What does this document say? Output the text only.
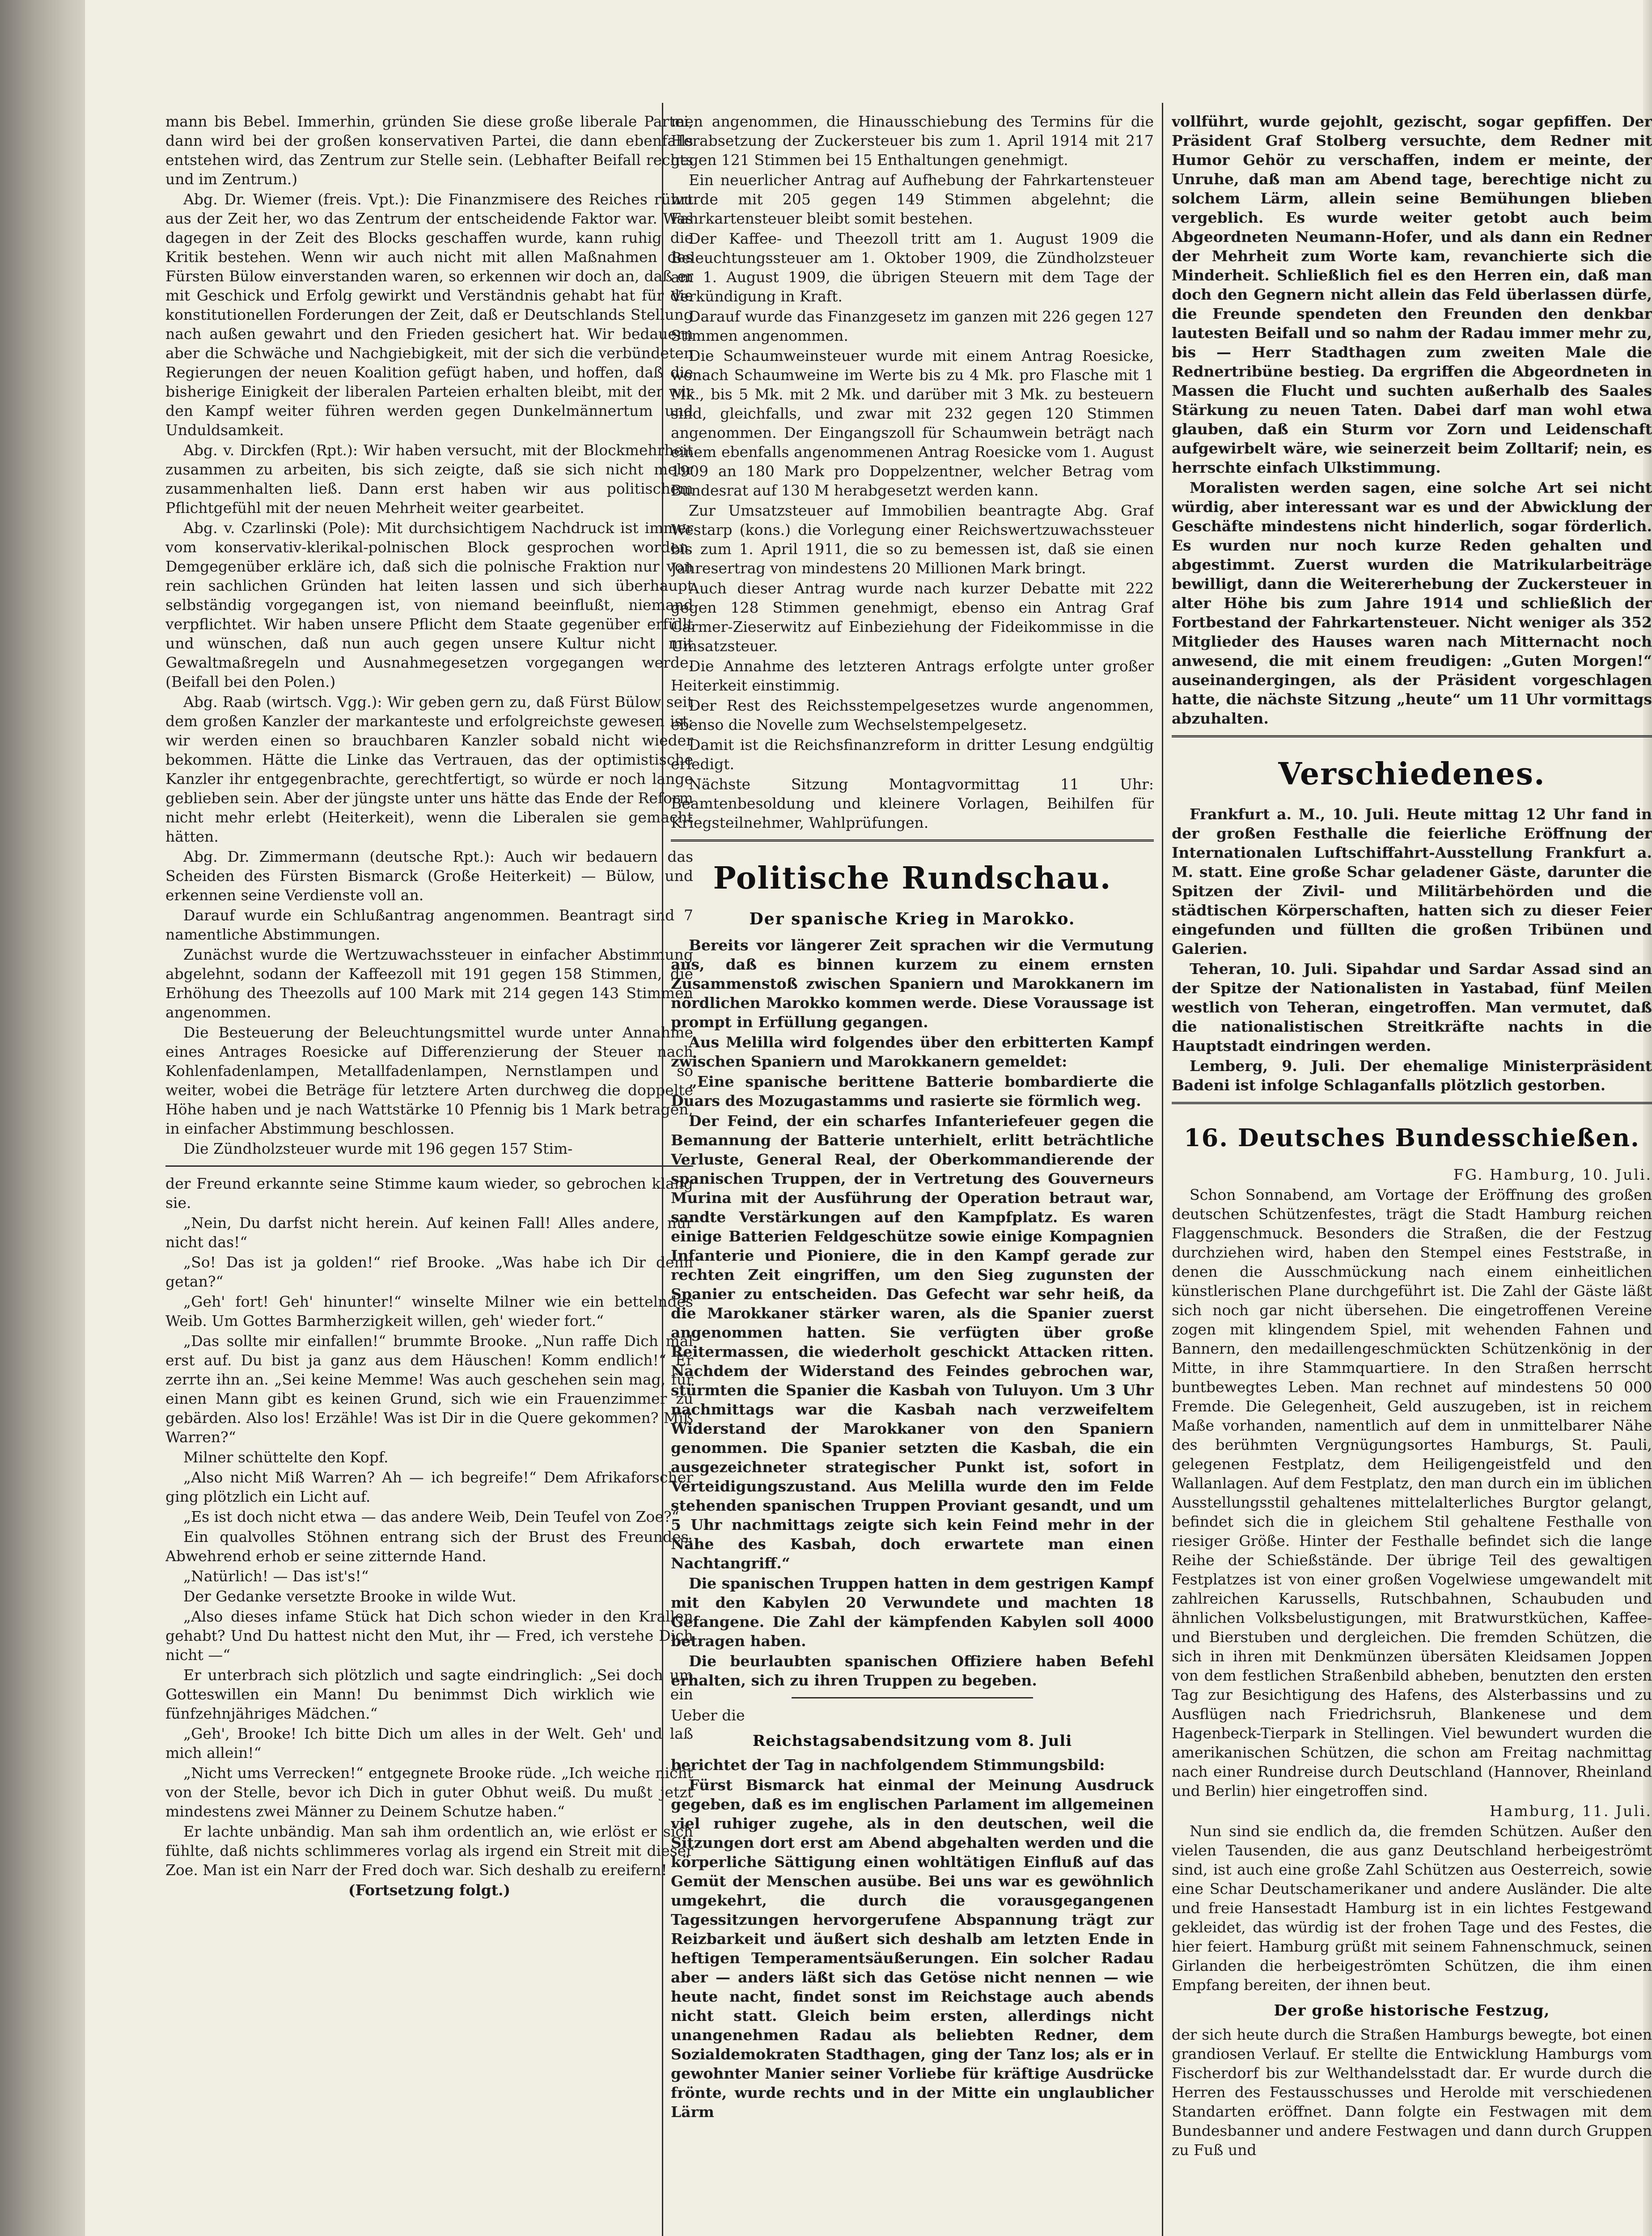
mann bis Bebel. Immerhin, gründen Sie diese große liberale Partei, dann wird bei der großen konservativen Partei, die dann ebenfalls entstehen wird, das Zentrum zur Stelle sein. (Lebhafter Beifall rechts und im Zentrum.)

Abg. Dr. Wiemer (freis. Vpt.): Die Finanzmisere des Reiches rührt aus der Zeit her, wo das Zentrum der entscheidende Faktor war. Was dagegen in der Zeit des Blocks geschaffen wurde, kann ruhig die Kritik bestehen. Wenn wir auch nicht mit allen Maßnahmen des Fürsten Bülow einverstanden waren, so erkennen wir doch an, daß er mit Geschick und Erfolg gewirkt und Verständnis gehabt hat für die konstitutionellen Forderungen der Zeit, daß er Deutschlands Stellung nach außen gewahrt und den Frieden gesichert hat. Wir bedauern aber die Schwäche und Nachgiebigkeit, mit der sich die verbündeten Regierungen der neuen Koalition gefügt haben, und hoffen, daß die bisherige Einigkeit der liberalen Parteien erhalten bleibt, mit der wir den Kampf weiter führen werden gegen Dunkelmännertum und Unduldsamkeit.

Abg. v. Dirckfen (Rpt.): Wir haben versucht, mit der Blockmehrheit zusammen zu arbeiten, bis sich zeigte, daß sie sich nicht mehr zusammenhalten ließ. Dann erst haben wir aus politischem Pflichtgefühl mit der neuen Mehrheit weiter gearbeitet.

Abg. v. Czarlinski (Pole): Mit durchsichtigem Nachdruck ist immer vom konservativ-klerikal-polnischen Block gesprochen worden. Demgegenüber erkläre ich, daß sich die polnische Fraktion nur von rein sachlichen Gründen hat leiten lassen und sich überhaupt selbständig vorgegangen ist, von niemand beeinflußt, niemand verpflichtet. Wir haben unsere Pflicht dem Staate gegenüber erfüllt und wünschen, daß nun auch gegen unsere Kultur nicht mit Gewaltmaßregeln und Ausnahmegesetzen vorgegangen werde. (Beifall bei den Polen.)

Abg. Raab (wirtsch. Vgg.): Wir geben gern zu, daß Fürst Bülow seit dem großen Kanzler der markanteste und erfolgreichste gewesen ist; wir werden einen so brauchbaren Kanzler sobald nicht wieder bekommen. Hätte die Linke das Vertrauen, das der optimistische Kanzler ihr entgegenbrachte, gerechtfertigt, so würde er noch lange geblieben sein. Aber der jüngste unter uns hätte das Ende der Reform nicht mehr erlebt (Heiterkeit), wenn die Liberalen sie gemacht hätten.

Abg. Dr. Zimmermann (deutsche Rpt.): Auch wir bedauern das Scheiden des Fürsten Bismarck (Große Heiterkeit) — Bülow, und erkennen seine Verdienste voll an.

Darauf wurde ein Schlußantrag angenommen. Beantragt sind 7 namentliche Abstimmungen.

Zunächst wurde die Wertzuwachssteuer in einfacher Abstimmung abgelehnt, sodann der Kaffeezoll mit 191 gegen 158 Stimmen, die Erhöhung des Theezolls auf 100 Mark mit 214 gegen 143 Stimmen angenommen.

Die Besteuerung der Beleuchtungsmittel wurde unter Annahme eines Antrages Roesicke auf Differenzierung der Steuer nach Kohlenfadenlampen, Metallfadenlampen, Nernstlampen und so weiter, wobei die Beträge für letztere Arten durchweg die doppelte Höhe haben und je nach Wattstärke 10 Pfennig bis 1 Mark betragen, in einfacher Abstimmung beschlossen.

Die Zündholzsteuer wurde mit 196 gegen 157 Stim-

der Freund erkannte seine Stimme kaum wieder, so gebrochen klang sie.

„Nein, Du darfst nicht herein. Auf keinen Fall! Alles andere, nur nicht das!“

„So! Das ist ja golden!“ rief Brooke. „Was habe ich Dir denn getan?“

„Geh' fort! Geh' hinunter!“ winselte Milner wie ein bettelndes Weib. Um Gottes Barmherzigkeit willen, geh' wieder fort.“

„Das sollte mir einfallen!“ brummte Brooke. „Nun raffe Dich mal erst auf. Du bist ja ganz aus dem Häuschen! Komm endlich!“ Er zerrte ihn an. „Sei keine Memme! Was auch geschehen sein mag, für einen Mann gibt es keinen Grund, sich wie ein Frauenzimmer zu gebärden. Also los! Erzähle! Was ist Dir in die Quere gekommen? Miß Warren?“

Milner schüttelte den Kopf.

„Also nicht Miß Warren? Ah — ich begreife!“ Dem Afrikaforscher ging plötzlich ein Licht auf.

„Es ist doch nicht etwa — das andere Weib, Dein Teufel von Zoe?“

Ein qualvolles Stöhnen entrang sich der Brust des Freundes. Abwehrend erhob er seine zitternde Hand.

„Natürlich! — Das ist's!“

Der Gedanke versetzte Brooke in wilde Wut.

„Also dieses infame Stück hat Dich schon wieder in den Krallen gehabt? Und Du hattest nicht den Mut, ihr — Fred, ich verstehe Dich nicht —“

Er unterbrach sich plötzlich und sagte eindringlich: „Sei doch um Gotteswillen ein Mann! Du benimmst Dich wirklich wie ein fünfzehnjähriges Mädchen.“

„Geh', Brooke! Ich bitte Dich um alles in der Welt. Geh' und laß mich allein!“

„Nicht ums Verrecken!“ entgegnete Brooke rüde. „Ich weiche nicht von der Stelle, bevor ich Dich in guter Obhut weiß. Du mußt jetzt mindestens zwei Männer zu Deinem Schutze haben.“

Er lachte unbändig. Man sah ihm ordentlich an, wie erlöst er sich fühlte, daß nichts schlimmeres vorlag als irgend ein Streit mit dieser Zoe. Man ist ein Narr der Fred doch war. Sich deshalb zu ereifern!

(Fortsetzung folgt.)

men angenommen, die Hinausschiebung des Termins für die Herabsetzung der Zuckersteuer bis zum 1. April 1914 mit 217 gegen 121 Stimmen bei 15 Enthaltungen genehmigt.

Ein neuerlicher Antrag auf Aufhebung der Fahrkartensteuer wurde mit 205 gegen 149 Stimmen abgelehnt; die Fahrkartensteuer bleibt somit bestehen.

Der Kaffee- und Theezoll tritt am 1. August 1909 die Beleuchtungssteuer am 1. Oktober 1909, die Zündholzsteuer am 1. August 1909, die übrigen Steuern mit dem Tage der Verkündigung in Kraft.

Darauf wurde das Finanzgesetz im ganzen mit 226 gegen 127 Stimmen angenommen.

Die Schaumweinsteuer wurde mit einem Antrag Roesicke, wonach Schaumweine im Werte bis zu 4 Mk. pro Flasche mit 1 Mk., bis 5 Mk. mit 2 Mk. und darüber mit 3 Mk. zu besteuern sind, gleichfalls, und zwar mit 232 gegen 120 Stimmen angenommen. Der Eingangszoll für Schaumwein beträgt nach einem ebenfalls angenommenen Antrag Roesicke vom 1. August 1909 an 180 Mark pro Doppelzentner, welcher Betrag vom Bundesrat auf 130 M herabgesetzt werden kann.

Zur Umsatzsteuer auf Immobilien beantragte Abg. Graf Westarp (kons.) die Vorlegung einer Reichswertzuwachssteuer bis zum 1. April 1911, die so zu bemessen ist, daß sie einen Jahresertrag von mindestens 20 Millionen Mark bringt.

Auch dieser Antrag wurde nach kurzer Debatte mit 222 gegen 128 Stimmen genehmigt, ebenso ein Antrag Graf Carmer-Zieserwitz auf Einbeziehung der Fideikommisse in die Umsatzsteuer.

Die Annahme des letzteren Antrags erfolgte unter großer Heiterkeit einstimmig.

Der Rest des Reichsstempelgesetzes wurde angenommen, ebenso die Novelle zum Wechselstempelgesetz.

Damit ist die Reichsfinanzreform in dritter Lesung endgültig erledigt.

Nächste Sitzung Montagvormittag 11 Uhr: Beamtenbesoldung und kleinere Vorlagen, Beihilfen für Kriegsteilnehmer, Wahlprüfungen.

Politische Rundschau.
Der spanische Krieg in Marokko.

Bereits vor längerer Zeit sprachen wir die Vermutung aus, daß es binnen kurzem zu einem ernsten Zusammenstoß zwischen Spaniern und Marokkanern im nördlichen Marokko kommen werde. Diese Voraussage ist prompt in Erfüllung gegangen.

Aus Melilla wird folgendes über den erbitterten Kampf zwischen Spaniern und Marokkanern gemeldet:

„Eine spanische berittene Batterie bombardierte die Duars des Mozugastamms und rasierte sie förmlich weg.

Der Feind, der ein scharfes Infanteriefeuer gegen die Bemannung der Batterie unterhielt, erlitt beträchtliche Verluste, General Real, der Oberkommandierende der spanischen Truppen, der in Vertretung des Gouverneurs Murina mit der Ausführung der Operation betraut war, sandte Verstärkungen auf den Kampfplatz. Es waren einige Batterien Feldgeschütze sowie einige Kompagnien Infanterie und Pioniere, die in den Kampf gerade zur rechten Zeit eingriffen, um den Sieg zugunsten der Spanier zu entscheiden. Das Gefecht war sehr heiß, da die Marokkaner stärker waren, als die Spanier zuerst angenommen hatten. Sie verfügten über große Reitermassen, die wiederholt geschickt Attacken ritten. Nachdem der Widerstand des Feindes gebrochen war, stürmten die Spanier die Kasbah von Tuluyon. Um 3 Uhr nachmittags war die Kasbah nach verzweifeltem Widerstand der Marokkaner von den Spaniern genommen. Die Spanier setzten die Kasbah, die ein ausgezeichneter strategischer Punkt ist, sofort in Verteidigungszustand. Aus Melilla wurde den im Felde stehenden spanischen Truppen Proviant gesandt, und um 5 Uhr nachmittags zeigte sich kein Feind mehr in der Nähe des Kasbah, doch erwartete man einen Nachtangriff.“

Die spanischen Truppen hatten in dem gestrigen Kampf mit den Kabylen 20 Verwundete und machten 18 Gefangene. Die Zahl der kämpfenden Kabylen soll 4000 betragen haben.

Die beurlaubten spanischen Offiziere haben Befehl erhalten, sich zu ihren Truppen zu begeben.

Ueber die

Reichstagsabendsitzung vom 8. Juli

berichtet der Tag in nachfolgendem Stimmungsbild:

Fürst Bismarck hat einmal der Meinung Ausdruck gegeben, daß es im englischen Parlament im allgemeinen viel ruhiger zugehe, als in den deutschen, weil die Sitzungen dort erst am Abend abgehalten werden und die körperliche Sättigung einen wohltätigen Einfluß auf das Gemüt der Menschen ausübe. Bei uns war es gewöhnlich umgekehrt, die durch die vorausgegangenen Tagessitzungen hervorgerufene Abspannung trägt zur Reizbarkeit und äußert sich deshalb am letzten Ende in heftigen Temperamentsäußerungen. Ein solcher Radau aber — anders läßt sich das Getöse nicht nennen — wie heute nacht, findet sonst im Reichstage auch abends nicht statt. Gleich beim ersten, allerdings nicht unangenehmen Radau als beliebten Redner, dem Sozialdemokraten Stadthagen, ging der Tanz los; als er in gewohnter Manier seiner Vorliebe für kräftige Ausdrücke frönte, wurde rechts und in der Mitte ein unglaublicher Lärm

vollführt, wurde gejohlt, gezischt, sogar gepfiffen. Der Präsident Graf Stolberg versuchte, dem Redner mit Humor Gehör zu verschaffen, indem er meinte, der Unruhe, daß man am Abend tage, berechtige nicht zu solchem Lärm, allein seine Bemühungen blieben vergeblich. Es wurde weiter getobt auch beim Abgeordneten Neumann-Hofer, und als dann ein Redner der Mehrheit zum Worte kam, revanchierte sich die Minderheit. Schließlich fiel es den Herren ein, daß man doch den Gegnern nicht allein das Feld überlassen dürfe, die Freunde spendeten den Freunden den denkbar lautesten Beifall und so nahm der Radau immer mehr zu, bis — Herr Stadthagen zum zweiten Male die Rednertribüne bestieg. Da ergriffen die Abgeordneten in Massen die Flucht und suchten außerhalb des Saales Stärkung zu neuen Taten. Dabei darf man wohl etwa glauben, daß ein Sturm vor Zorn und Leidenschaft aufgewirbelt wäre, wie seinerzeit beim Zolltarif; nein, es herrschte einfach Ulkstimmung.

Moralisten werden sagen, eine solche Art sei nicht würdig, aber interessant war es und der Abwicklung der Geschäfte mindestens nicht hinderlich, sogar förderlich. Es wurden nur noch kurze Reden gehalten und abgestimmt. Zuerst wurden die Matrikularbeiträge bewilligt, dann die Weitererhebung der Zuckersteuer in alter Höhe bis zum Jahre 1914 und schließlich der Fortbestand der Fahrkartensteuer. Nicht weniger als 352 Mitglieder des Hauses waren nach Mitternacht noch anwesend, die mit einem freudigen: „Guten Morgen!“ auseinandergingen, als der Präsident vorgeschlagen hatte, die nächste Sitzung „heute“ um 11 Uhr vormittags abzuhalten.

Verschiedenes.

Frankfurt a. M., 10. Juli. Heute mittag 12 Uhr fand in der großen Festhalle die feierliche Eröffnung der Internationalen Luftschiffahrt-Ausstellung Frankfurt a. M. statt. Eine große Schar geladener Gäste, darunter die Spitzen der Zivil- und Militärbehörden und die städtischen Körperschaften, hatten sich zu dieser Feier eingefunden und füllten die großen Tribünen und Galerien.

Teheran, 10. Juli. Sipahdar und Sardar Assad sind an der Spitze der Nationalisten in Yastabad, fünf Meilen westlich von Teheran, eingetroffen. Man vermutet, daß die nationalistischen Streitkräfte nachts in die Hauptstadt eindringen werden.

Lemberg, 9. Juli. Der ehemalige Ministerpräsident Badeni ist infolge Schlaganfalls plötzlich gestorben.

16. Deutsches Bundesschießen.

FG. Hamburg, 10. Juli.

Schon Sonnabend, am Vortage der Eröffnung des großen deutschen Schützenfestes, trägt die Stadt Hamburg reichen Flaggenschmuck. Besonders die Straßen, die der Festzug durchziehen wird, haben den Stempel eines Feststraße, in denen die Ausschmückung nach einem einheitlichen künstlerischen Plane durchgeführt ist. Die Zahl der Gäste läßt sich noch gar nicht übersehen. Die eingetroffenen Vereine zogen mit klingendem Spiel, mit wehenden Fahnen und Bannern, den medaillengeschmückten Schützenkönig in der Mitte, in ihre Stammquartiere. In den Straßen herrscht buntbewegtes Leben. Man rechnet auf mindestens 50 000 Fremde. Die Gelegenheit, Geld auszugeben, ist in reichem Maße vorhanden, namentlich auf dem in unmittelbarer Nähe des berühmten Vergnügungsortes Hamburgs, St. Pauli, gelegenen Festplatz, dem Heiligengeistfeld und den Wallanlagen. Auf dem Festplatz, den man durch ein im üblichen Ausstellungsstil gehaltenes mittelalterliches Burgtor gelangt, befindet sich die in gleichem Stil gehaltene Festhalle von riesiger Größe. Hinter der Festhalle befindet sich die lange Reihe der Schießstände. Der übrige Teil des gewaltigen Festplatzes ist von einer großen Vogelwiese umgewandelt mit zahlreichen Karussells, Rutschbahnen, Schaubuden und ähnlichen Volksbelustigungen, mit Bratwurstküchen, Kaffee- und Bierstuben und dergleichen. Die fremden Schützen, die sich in ihren mit Denkmünzen übersäten Kleidsamen Joppen von dem festlichen Straßenbild abheben, benutzten den ersten Tag zur Besichtigung des Hafens, des Alsterbassins und zu Ausflügen nach Friedrichsruh, Blankenese und dem Hagenbeck-Tierpark in Stellingen. Viel bewundert wurden die amerikanischen Schützen, die schon am Freitag nachmittag nach einer Rundreise durch Deutschland (Hannover, Rheinland und Berlin) hier eingetroffen sind.

Hamburg, 11. Juli.

Nun sind sie endlich da, die fremden Schützen. Außer den vielen Tausenden, die aus ganz Deutschland herbeigeströmt sind, ist auch eine große Zahl Schützen aus Oesterreich, sowie eine Schar Deutschamerikaner und andere Ausländer. Die alte und freie Hansestadt Hamburg ist in ein lichtes Festgewand gekleidet, das würdig ist der frohen Tage und des Festes, die hier feiert. Hamburg grüßt mit seinem Fahnenschmuck, seinen Girlanden die herbeigeströmten Schützen, die ihm einen Empfang bereiten, der ihnen beut.

Der große historische Festzug,

der sich heute durch die Straßen Hamburgs bewegte, bot einen grandiosen Verlauf. Er stellte die Entwicklung Hamburgs vom Fischerdorf bis zur Welthandelsstadt dar. Er wurde durch die Herren des Festausschusses und Herolde mit verschiedenen Standarten eröffnet. Dann folgte ein Festwagen mit dem Bundesbanner und andere Festwagen und dann durch Gruppen zu Fuß und
